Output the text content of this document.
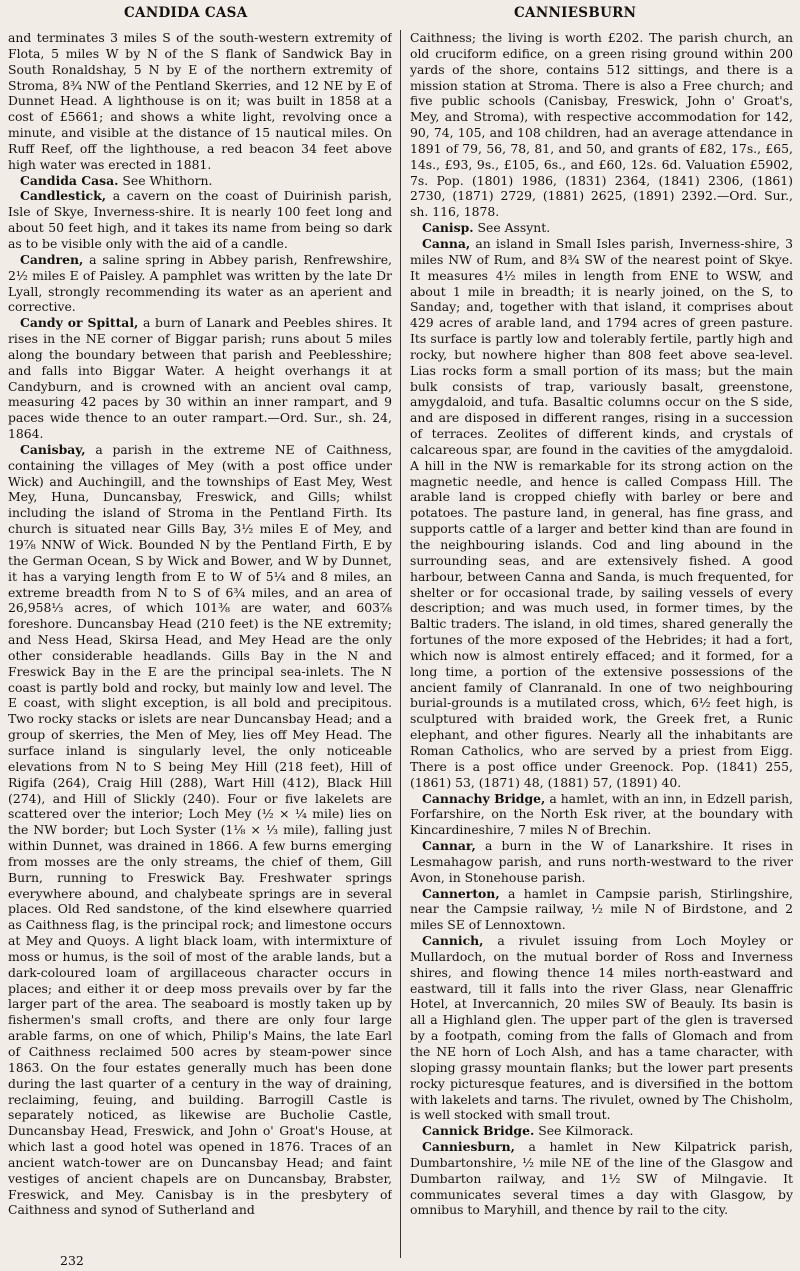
CANDIDA CASA	CANNIESBURN

and terminates 3 miles S of the south-western extremity of Flota, 5 miles W by N of the S flank of Sandwick Bay in South Ronaldshay, 5 N by E of the northern extremity of Stroma, 8¾ NW of the Pentland Skerries, and 12 NE by E of Dunnet Head. A lighthouse is on it; was built in 1858 at a cost of £5661; and shows a white light, revolving once a minute, and visible at the distance of 15 nautical miles. On Ruff Reef, off the lighthouse, a red beacon 34 feet above high water was erected in 1881.

Candida Casa. See Whithorn.

Candlestick, a cavern on the coast of Duirinish parish, Isle of Skye, Inverness-shire. It is nearly 100 feet long and about 50 feet high, and it takes its name from being so dark as to be visible only with the aid of a candle.

Candren, a saline spring in Abbey parish, Renfrewshire, 2½ miles E of Paisley. A pamphlet was written by the late Dr Lyall, strongly recommending its water as an aperient and corrective.

Candy or Spittal, a burn of Lanark and Peebles shires. It rises in the NE corner of Biggar parish; runs about 5 miles along the boundary between that parish and Peeblesshire; and falls into Biggar Water. A height overhangs it at Candyburn, and is crowned with an ancient oval camp, measuring 42 paces by 30 within an inner rampart, and 9 paces wide thence to an outer rampart.—Ord. Sur., sh. 24, 1864.

Canisbay, a parish in the extreme NE of Caithness, containing the villages of Mey (with a post office under Wick) and Auchingill, and the townships of East Mey, West Mey, Huna, Duncansbay, Freswick, and Gills; whilst including the island of Stroma in the Pentland Firth. Its church is situated near Gills Bay, 3½ miles E of Mey, and 19⅞ NNW of Wick. Bounded N by the Pentland Firth, E by the German Ocean, S by Wick and Bower, and W by Dunnet, it has a varying length from E to W of 5¼ and 8 miles, an extreme breadth from N to S of 6¾ miles, and an area of 26,958⅓ acres, of which 101⅜ are water, and 603⅞ foreshore. Duncansbay Head (210 feet) is the NE extremity; and Ness Head, Skirsa Head, and Mey Head are the only other considerable headlands. Gills Bay in the N and Freswick Bay in the E are the principal sea-inlets. The N coast is partly bold and rocky, but mainly low and level. The E coast, with slight exception, is all bold and precipitous. Two rocky stacks or islets are near Duncansbay Head; and a group of skerries, the Men of Mey, lies off Mey Head. The surface inland is singularly level, the only noticeable elevations from N to S being Mey Hill (218 feet), Hill of Rigifa (264), Craig Hill (288), Wart Hill (412), Black Hill (274), and Hill of Slickly (240). Four or five lakelets are scattered over the interior; Loch Mey (½ × ¼ mile) lies on the NW border; but Loch Syster (1⅛ × ⅓ mile), falling just within Dunnet, was drained in 1866. A few burns emerging from mosses are the only streams, the chief of them, Gill Burn, running to Freswick Bay. Freshwater springs everywhere abound, and chalybeate springs are in several places. Old Red sandstone, of the kind elsewhere quarried as Caithness flag, is the principal rock; and limestone occurs at Mey and Quoys. A light black loam, with intermixture of moss or humus, is the soil of most of the arable lands, but a dark-coloured loam of argillaceous character occurs in places; and either it or deep moss prevails over by far the larger part of the area. The seaboard is mostly taken up by fishermen's small crofts, and there are only four large arable farms, on one of which, Philip's Mains, the late Earl of Caithness reclaimed 500 acres by steam-power since 1863. On the four estates generally much has been done during the last quarter of a century in the way of draining, reclaiming, feuing, and building. Barrogill Castle is separately noticed, as likewise are Bucholie Castle, Duncansbay Head, Freswick, and John o' Groat's House, at which last a good hotel was opened in 1876. Traces of an ancient watch-tower are on Duncansbay Head; and faint vestiges of ancient chapels are on Duncansbay, Brabster, Freswick, and Mey. Canisbay is in the presbytery of Caithness and synod of Sutherland and

Caithness; the living is worth £202. The parish church, an old cruciform edifice, on a green rising ground within 200 yards of the shore, contains 512 sittings, and there is a mission station at Stroma. There is also a Free church; and five public schools (Canisbay, Freswick, John o' Groat's, Mey, and Stroma), with respective accommodation for 142, 90, 74, 105, and 108 children, had an average attendance in 1891 of 79, 56, 78, 81, and 50, and grants of £82, 17s., £65, 14s., £93, 9s., £105, 6s., and £60, 12s. 6d. Valuation £5902, 7s. Pop. (1801) 1986, (1831) 2364, (1841) 2306, (1861) 2730, (1871) 2729, (1881) 2625, (1891) 2392.—Ord. Sur., sh. 116, 1878.

Canisp. See Assynt.

Canna, an island in Small Isles parish, Inverness-shire, 3 miles NW of Rum, and 8¾ SW of the nearest point of Skye. It measures 4½ miles in length from ENE to WSW, and about 1 mile in breadth; it is nearly joined, on the S, to Sanday; and, together with that island, it comprises about 429 acres of arable land, and 1794 acres of green pasture. Its surface is partly low and tolerably fertile, partly high and rocky, but nowhere higher than 808 feet above sea-level. Lias rocks form a small portion of its mass; but the main bulk consists of trap, variously basalt, greenstone, amygdaloid, and tufa. Basaltic columns occur on the S side, and are disposed in different ranges, rising in a succession of terraces. Zeolites of different kinds, and crystals of calcareous spar, are found in the cavities of the amygdaloid. A hill in the NW is remarkable for its strong action on the magnetic needle, and hence is called Compass Hill. The arable land is cropped chiefly with barley or bere and potatoes. The pasture land, in general, has fine grass, and supports cattle of a larger and better kind than are found in the neighbouring islands. Cod and ling abound in the surrounding seas, and are extensively fished. A good harbour, between Canna and Sanda, is much frequented, for shelter or for occasional trade, by sailing vessels of every description; and was much used, in former times, by the Baltic traders. The island, in old times, shared generally the fortunes of the more exposed of the Hebrides; it had a fort, which now is almost entirely effaced; and it formed, for a long time, a portion of the extensive possessions of the ancient family of Clanranald. In one of two neighbouring burial-grounds is a mutilated cross, which, 6½ feet high, is sculptured with braided work, the Greek fret, a Runic elephant, and other figures. Nearly all the inhabitants are Roman Catholics, who are served by a priest from Eigg. There is a post office under Greenock. Pop. (1841) 255, (1861) 53, (1871) 48, (1881) 57, (1891) 40.

Cannachy Bridge, a hamlet, with an inn, in Edzell parish, Forfarshire, on the North Esk river, at the boundary with Kincardineshire, 7 miles N of Brechin.

Cannar, a burn in the W of Lanarkshire. It rises in Lesmahagow parish, and runs north-westward to the river Avon, in Stonehouse parish.

Cannerton, a hamlet in Campsie parish, Stirlingshire, near the Campsie railway, ½ mile N of Birdstone, and 2 miles SE of Lennoxtown.

Cannich, a rivulet issuing from Loch Moyley or Mullardoch, on the mutual border of Ross and Inverness shires, and flowing thence 14 miles north-eastward and eastward, till it falls into the river Glass, near Glenaffric Hotel, at Invercannich, 20 miles SW of Beauly. Its basin is all a Highland glen. The upper part of the glen is traversed by a footpath, coming from the falls of Glomach and from the NE horn of Loch Alsh, and has a tame character, with sloping grassy mountain flanks; but the lower part presents rocky picturesque features, and is diversified in the bottom with lakelets and tarns. The rivulet, owned by The Chisholm, is well stocked with small trout.

Cannick Bridge. See Kilmorack.

Canniesburn, a hamlet in New Kilpatrick parish, Dumbartonshire, ½ mile NE of the line of the Glasgow and Dumbarton railway, and 1½ SW of Milngavie. It communicates several times a day with Glasgow, by omnibus to Maryhill, and thence by rail to the city.

232
